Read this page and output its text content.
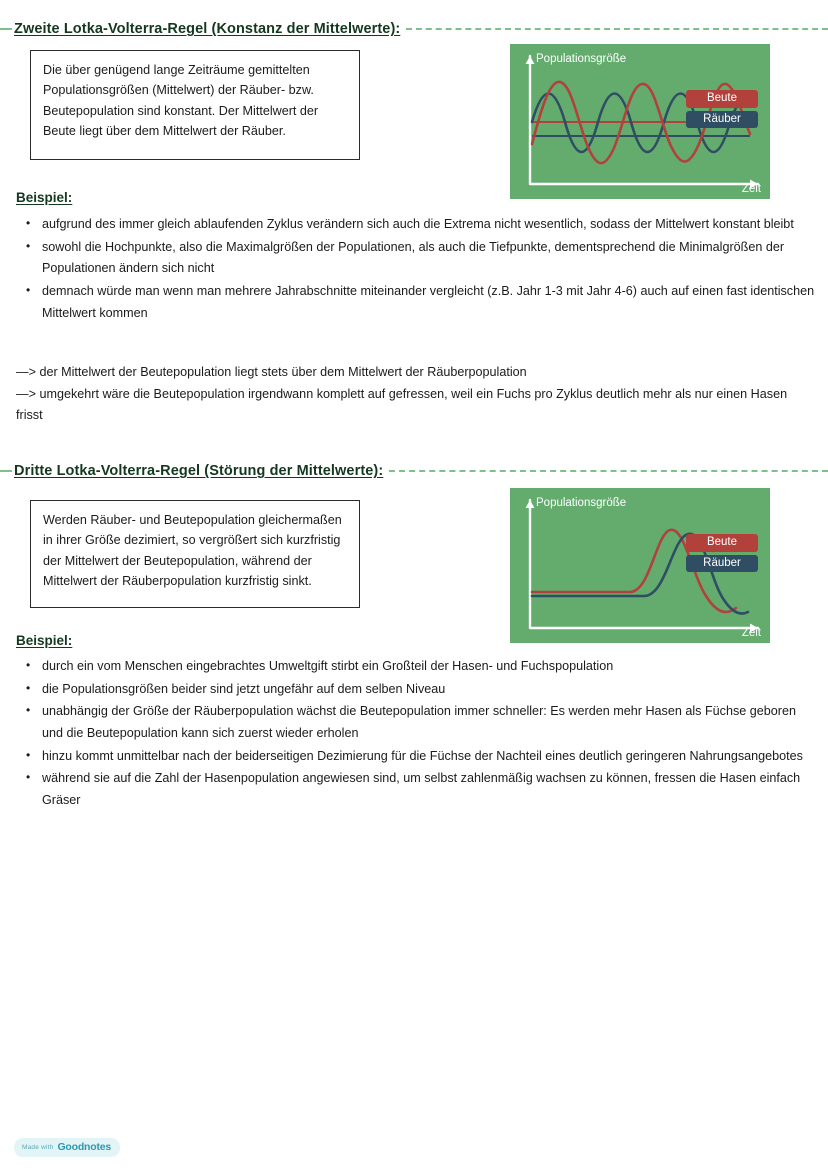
Zweite Lotka-Volterra-Regel (Konstanz der Mittelwerte):

Die über genügend lange Zeiträume gemittelten Populationsgrößen (Mittelwert) der Räuber- bzw. Beutepopulation sind konstant. Der Mittelwert der Beute liegt über dem Mittelwert der Räuber.

Populationsgröße
Zeit
Beute
Räuber
Beispiel:
• aufgrund des immer gleich ablaufenden Zyklus verändern sich auch die Extrema nicht wesentlich, sodass der Mittelwert konstant bleibt
• sowohl die Hochpunkte, also die Maximalgrößen der Populationen, als auch die Tiefpunkte, dementsprechend die Minimalgrößen der Populationen ändern sich nicht
• demnach würde man wenn man mehrere Jahrabschnitte miteinander vergleicht (z.B. Jahr 1-3 mit Jahr 4-6) auch auf einen fast identischen Mittelwert kommen
—> der Mittelwert der Beutepopulation liegt stets über dem Mittelwert der Räuberpopulation
—> umgekehrt wäre die Beutepopulation irgendwann komplett auf gefressen, weil ein Fuchs pro Zyklus deutlich mehr als nur einen Hasen frisst
Dritte Lotka-Volterra-Regel (Störung der Mittelwerte):

Werden Räuber- und Beutepopulation gleichermaßen in ihrer Größe dezimiert, so vergrößert sich kurzfristig der Mittelwert der Beutepopulation, während der Mittelwert der Räuberpopulation kurzfristig sinkt.

Populationsgröße
Zeit
Beute
Räuber
Beispiel:
• durch ein vom Menschen eingebrachtes Umweltgift stirbt ein Großteil der Hasen- und Fuchspopulation
• die Populationsgrößen beider sind jetzt ungefähr auf dem selben Niveau
• unabhängig der Größe der Räuberpopulation wächst die Beutepopulation immer schneller: Es werden mehr Hasen als Füchse geboren und die Beutepopulation kann sich zuerst wieder erholen
• hinzu kommt unmittelbar nach der beiderseitigen Dezimierung für die Füchse der Nachteil eines deutlich geringeren Nahrungsangebotes
• während sie auf die Zahl der Hasenpopulation angewiesen sind, um selbst zahlenmäßig wachsen zu können, fressen die Hasen einfach Gräser
Made with Goodnotes
